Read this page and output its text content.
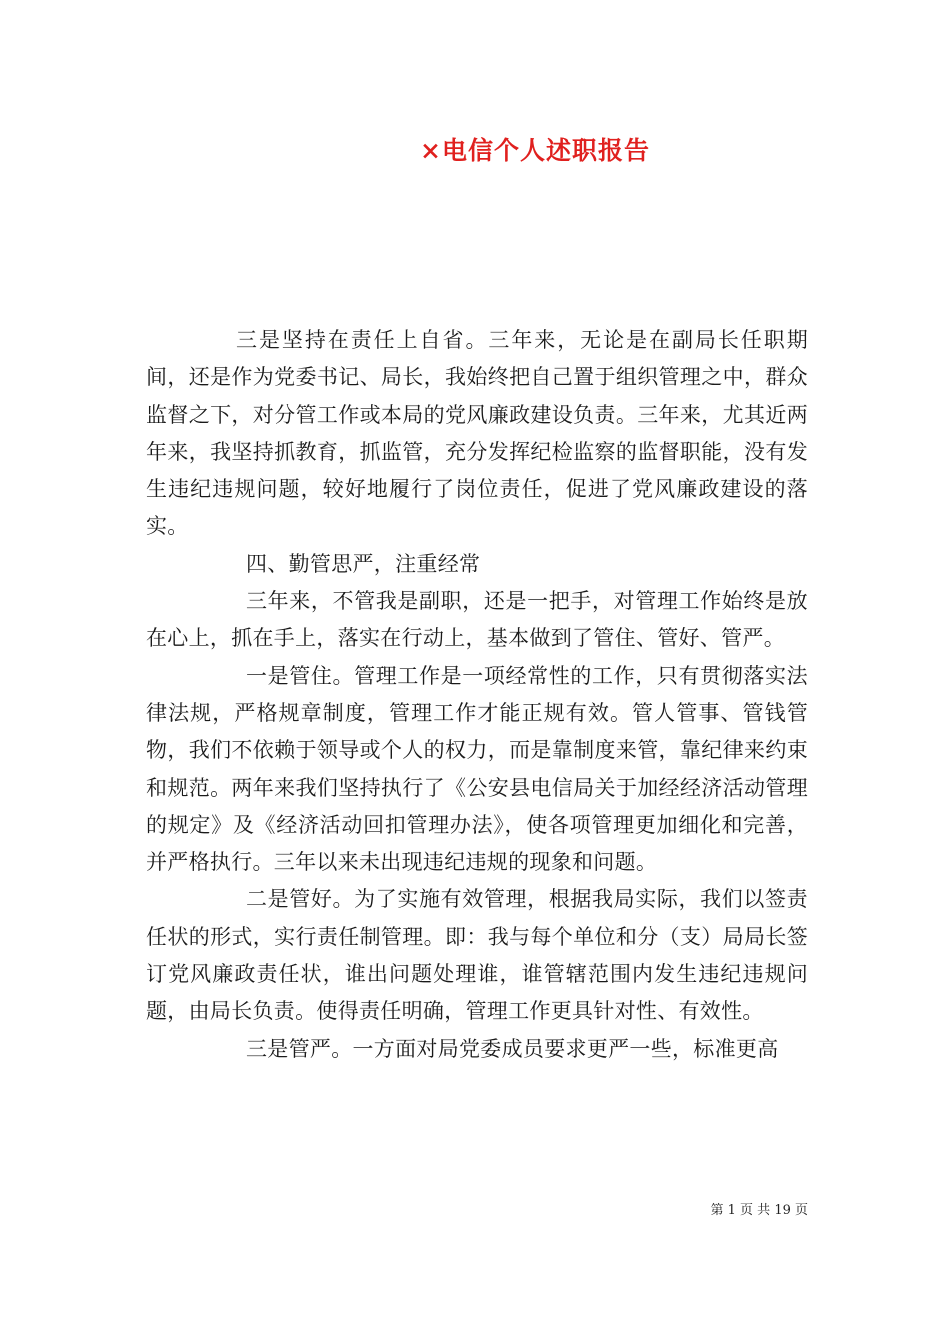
×电信个人述职报告

三是坚持在责任上自省。三年来，无论是在副局长任职期间，还是作为党委书记、局长，我始终把自己置于组织管理之中，群众监督之下，对分管工作或本局的党风廉政建设负责。三年来，尤其近两年来，我坚持抓教育，抓监管，充分发挥纪检监察的监督职能，没有发生违纪违规问题，较好地履行了岗位责任，促进了党风廉政建设的落实。

四、勤管思严，注重经常

三年来，不管我是副职，还是一把手，对管理工作始终是放在心上，抓在手上，落实在行动上，基本做到了管住、管好、管严。

一是管住。管理工作是一项经常性的工作，只有贯彻落实法律法规，严格规章制度，管理工作才能正规有效。管人管事、管钱管物，我们不依赖于领导或个人的权力，而是靠制度来管，靠纪律来约束和规范。两年来我们坚持执行了《公安县电信局关于加经经济活动管理的规定》及《经济活动回扣管理办法》，使各项管理更加细化和完善，并严格执行。三年以来未出现违纪违规的现象和问题。

二是管好。为了实施有效管理，根据我局实际，我们以签责任状的形式，实行责任制管理。即：我与每个单位和分（支）局局长签订党风廉政责任状，谁出问题处理谁，谁管辖范围内发生违纪违规问题，由局长负责。使得责任明确，管理工作更具针对性、有效性。

三是管严。一方面对局党委成员要求更严一些，标准更高

第 1 页 共 19 页
